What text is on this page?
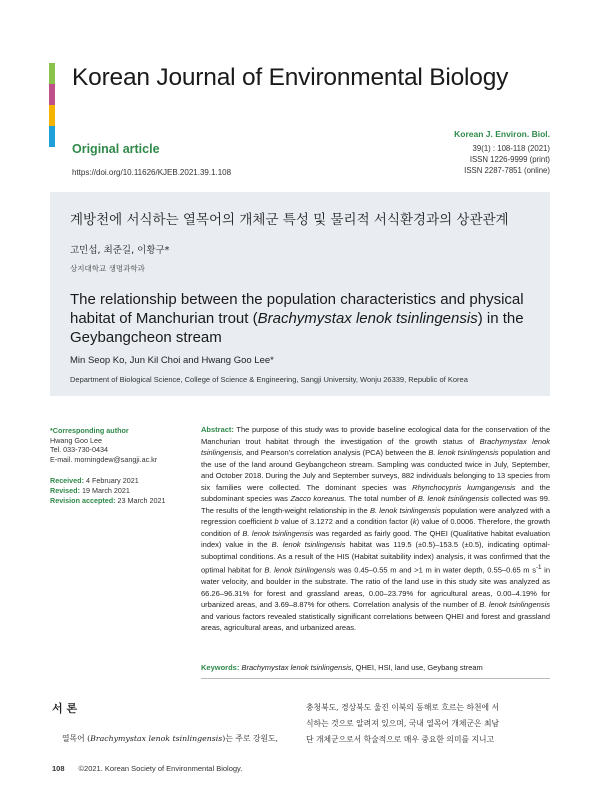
Korean Journal of Environmental Biology
Original article
https://doi.org/10.11626/KJEB.2021.39.1.108
Korean J. Environ. Biol.
39(1) : 108-118 (2021)
ISSN 1226-9999 (print)
ISSN 2287-7851 (online)
계방천에 서식하는 열목어의 개체군 특성 및 물리적 서식환경과의 상관관계
고민섭, 최준길, 이황구*
상지대학교 생명과학과
The relationship between the population characteristics and physical habitat of Manchurian trout (Brachymystax lenok tsinlingensis) in the Geybangcheon stream
Min Seop Ko, Jun Kil Choi and Hwang Goo Lee*
Department of Biological Science, College of Science & Engineering, Sangji University, Wonju 26339, Republic of Korea
*Corresponding author
Hwang Goo Lee
Tel. 033-730-0434
E-mail. morningdew@sangji.ac.kr
Received: 4 February 2021
Revised: 19 March 2021
Revision accepted: 23 March 2021
Abstract: The purpose of this study was to provide baseline ecological data for the conservation of the Manchurian trout habitat through the investigation of the growth status of Brachymystax lenok tsinlingensis, and Pearson’s correlation analysis (PCA) between the B. lenok tsinlingensis population and the use of the land around Geybangcheon stream. Sampling was conducted twice in July, September, and October 2018. During the July and September surveys, 882 individuals belonging to 13 species from six families were collected. The dominant species was Rhynchocypris kumgangensis and the subdominant species was Zacco koreanus. The total number of B. lenok tsinlingensis collected was 99. The results of the length-weight relationship in the B. lenok tsinlingensis population were analyzed with a regression coefficient b value of 3.1272 and a condition factor (k) value of 0.0006. Therefore, the growth condition of B. lenok tsinlingensis was regarded as fairly good. The QHEI (Qualitative habitat evaluation index) value in the B. lenok tsinlingensis habitat was 119.5 (±0.5)–153.5 (±0.5), indicating optimal-suboptimal conditions. As a result of the HIS (Habitat suitability index) analysis, it was confirmed that the optimal habitat for B. lenok tsinlingensis was 0.45–0.55 m and >1 m in water depth, 0.55–0.65 m $s^{-1}$ in water velocity, and boulder in the substrate. The ratio of the land use in this study site was analyzed as 66.26–96.31% for forest and grassland areas, 0.00–23.79% for agricultural areas, 0.00–4.19% for urbanized areas, and 3.69–8.87% for others. Correlation analysis of the number of B. lenok tsinlingensis and various factors revealed statistically significant correlations between QHEI and forest and grassland areas, agricultural areas, and urbanized areas.
Keywords: Brachymystax lenok tsinlingensis, QHEI, HSI, land use, Geybang stream
서 론
열목어 (Brachymystax lenok tsinlingensis)는 주로 강원도,
충청북도, 경상북도 울진 이북의 동해로 흐르는 하천에 서
식하는 것으로 알려져 있으며, 국내 열목어 개체군은 최남
단 개체군으로서 학술적으로 매우 중요한 의미를 지니고
108 ©2021. Korean Society of Environmental Biology.
